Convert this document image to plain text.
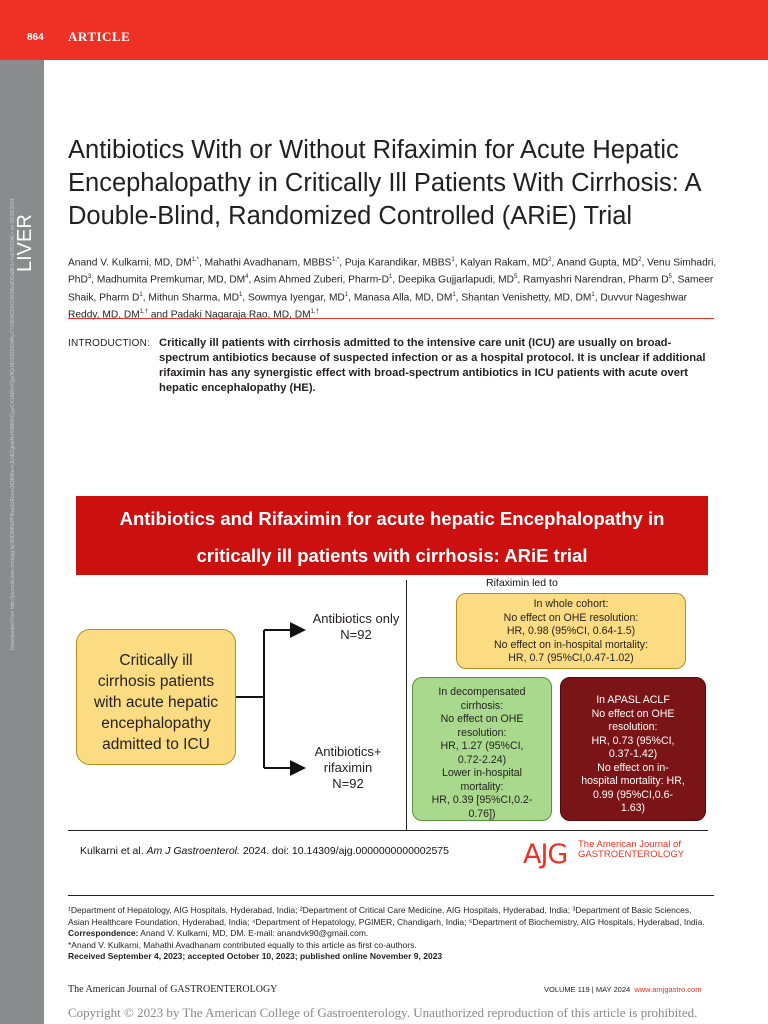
864 ARTICLE
LIVER
Downloaded from http://journals.lww.com/ajg by BhDMf5ePHKav1zEoum1tQfN4a+kJLhEZgbsIHo4XMi0hCywCX1AWnYQp/IlQrHD3i3D0OdRyi7TvSFl4Cf3VC4/OAVpDDa8K2+Ya6H515kE= on 05/28/2024
Antibiotics With or Without Rifaximin for Acute Hepatic Encephalopathy in Critically Ill Patients With Cirrhosis: A Double-Blind, Randomized Controlled (ARiE) Trial
Anand V. Kulkarni, MD, $DM^{1,*}$, Mahathi Avadhanam, $MBBS^{1,*}$, Puja Karandikar, MBBS$^1$, Kalyan Rakam, $MD^2$, Anand Gupta, $MD^2$, Venu Simhadri, PhD$^3$, Madhumita Premkumar, MD, $DM^4$, Asim Ahmed Zuberi, Pharm-$D^1$, Deepika Gujjarlapudi, $MD^5$, Ramyashri Narendran, Pharm $D^5$, Sameer Shaik, Pharm $D^1$, Mithun Sharma, $MD^1$, Sowmya Iyengar, $MD^1$, Manasa Alla, MD, $DM^1$, Shantan Venishetty, MD, $DM^1$, Duvvur Nageshwar Reddy, MD, $DM^{1,\dagger}$ and Padaki Nagaraja Rao, MD, $DM^{1,\dagger}$
INTRODUCTION: Critically ill patients with cirrhosis admitted to the intensive care unit (ICU) are usually on broad-spectrum antibiotics because of suspected infection or as a hospital protocol. It is unclear if additional rifaximin has any synergistic effect with broad-spectrum antibiotics in ICU patients with acute overt hepatic encephalopathy (HE).
Antibiotics and Rifaximin for acute hepatic Encephalopathy in
critically ill patients with cirrhosis: ARiE trial
Rifaximin led to
Critically ill
cirrhosis patients
with acute hepatic
encephalopathy
admitted to ICU
Antibiotics only
N=92
Antibiotics+
rifaximin
N=92
In whole cohort:
No effect on OHE resolution:
HR, 0.98 (95%CI, 0.64-1.5)
No effect on in-hospital mortality:
HR, 0.7 (95%CI,0.47-1.02)
In decompensated
cirrhosis:
No effect on OHE
resolution:
HR, 1.27 (95%CI,
0.72-2.24)
Lower in-hospital
mortality:
HR, 0.39 [95%CI,0.2-
0.76])
In APASL ACLF
No effect on OHE
resolution:
HR, 0.73 (95%CI,
0.37-1.42)
No effect on in-
hospital mortality: HR,
0.99 (95%CI,0.6-
1.63)
Kulkarni et al. Am J Gastroenterol. 2024. doi: 10.14309/ajg.0000000000002575	AJG The American Journal of
GASTROENTEROLOGY
¹Department of Hepatology, AIG Hospitals, Hyderabad, India; ²Department of Critical Care Medicine, AIG Hospitals, Hyderabad, India; ³Department of Basic Sciences, Asian Healthcare Foundation, Hyderabad, India; ⁴Department of Hepatology, PGIMER, Chandigarh, India; ⁵Department of Biochemistry, AIG Hospitals, Hyderabad, India. Correspondence: Anand V. Kulkarni, MD, DM. E-mail: anandvk90@gmail.com.
*Anand V. Kulkarni, Mahathi Avadhanam contributed equally to this article as first co-authors.
Received September 4, 2023; accepted October 10, 2023; published online November 9, 2023
The American Journal of GASTROENTEROLOGY	VOLUME 119 | MAY 2024 www.amjgastro.com
Copyright © 2023 by The American College of Gastroenterology. Unauthorized reproduction of this article is prohibited.
